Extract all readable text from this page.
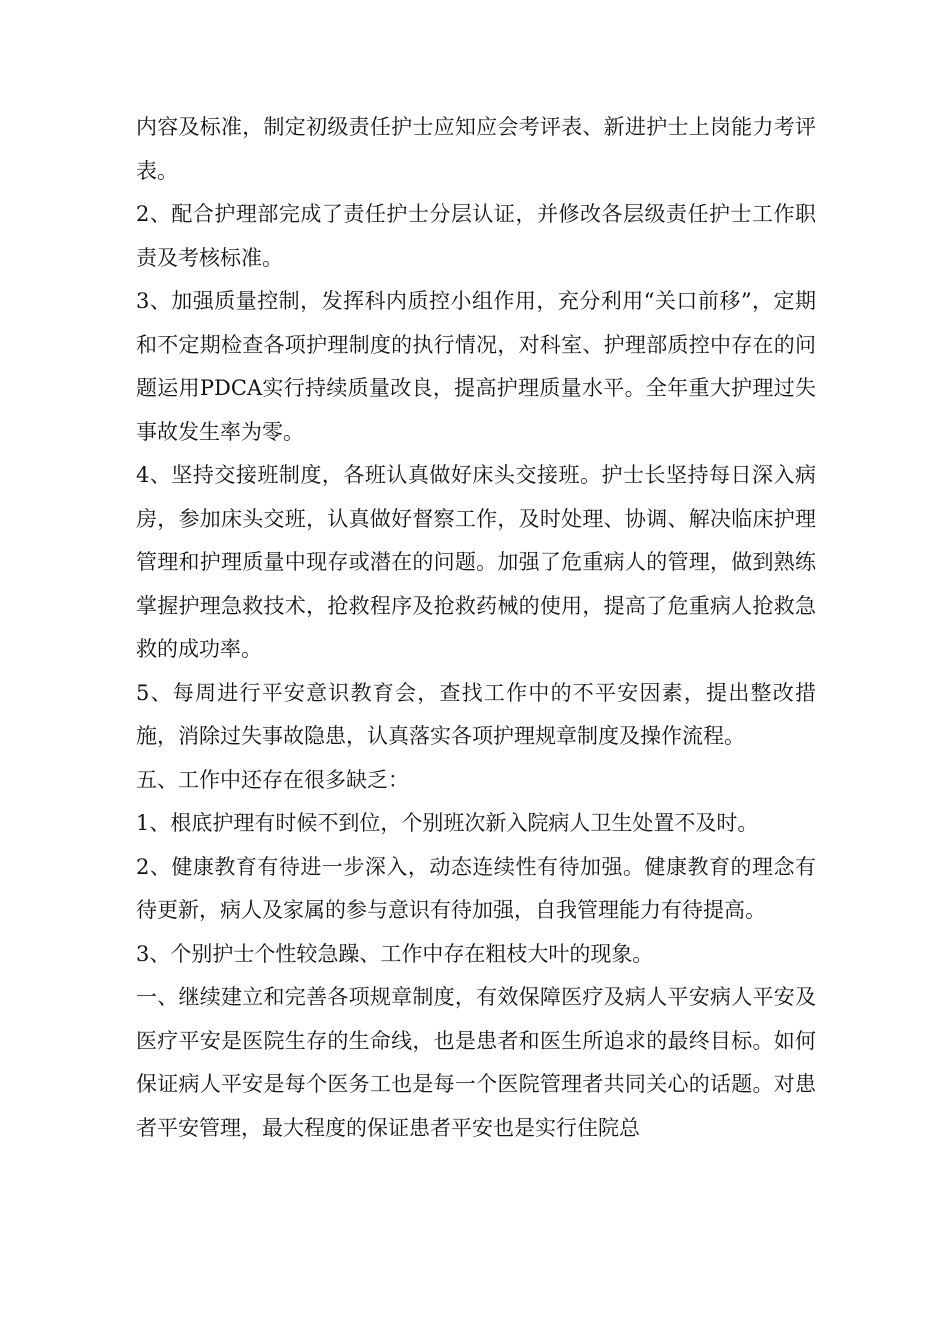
内容及标准，制定初级责任护士应知应会考评表、新进护士上岗能力考评表。

2、配合护理部完成了责任护士分层认证，并修改各层级责任护士工作职责及考核标准。

3、加强质量控制，发挥科内质控小组作用，充分利用“关口前移”，定期和不定期检查各项护理制度的执行情况，对科室、护理部质控中存在的问题运用PDCA实行持续质量改良，提高护理质量水平。全年重大护理过失事故发生率为零。

4、坚持交接班制度，各班认真做好床头交接班。护士长坚持每日深入病房，参加床头交班，认真做好督察工作，及时处理、协调、解决临床护理管理和护理质量中现存或潜在的问题。加强了危重病人的管理，做到熟练掌握护理急救技术，抢救程序及抢救药械的使用，提高了危重病人抢救急救的成功率。

5、每周进行平安意识教育会，查找工作中的不平安因素，提出整改措施，消除过失事故隐患，认真落实各项护理规章制度及操作流程。

五、工作中还存在很多缺乏：

1、根底护理有时候不到位，个别班次新入院病人卫生处置不及时。

2、健康教育有待进一步深入，动态连续性有待加强。健康教育的理念有待更新，病人及家属的参与意识有待加强，自我管理能力有待提高。

3、个别护士个性较急躁、工作中存在粗枝大叶的现象。

一、继续建立和完善各项规章制度，有效保障医疗及病人平安病人平安及医疗平安是医院生存的生命线，也是患者和医生所追求的最终目标。如何保证病人平安是每个医务工也是每一个医院管理者共同关心的话题。对患者平安管理，最大程度的保证患者平安也是实行住院总
